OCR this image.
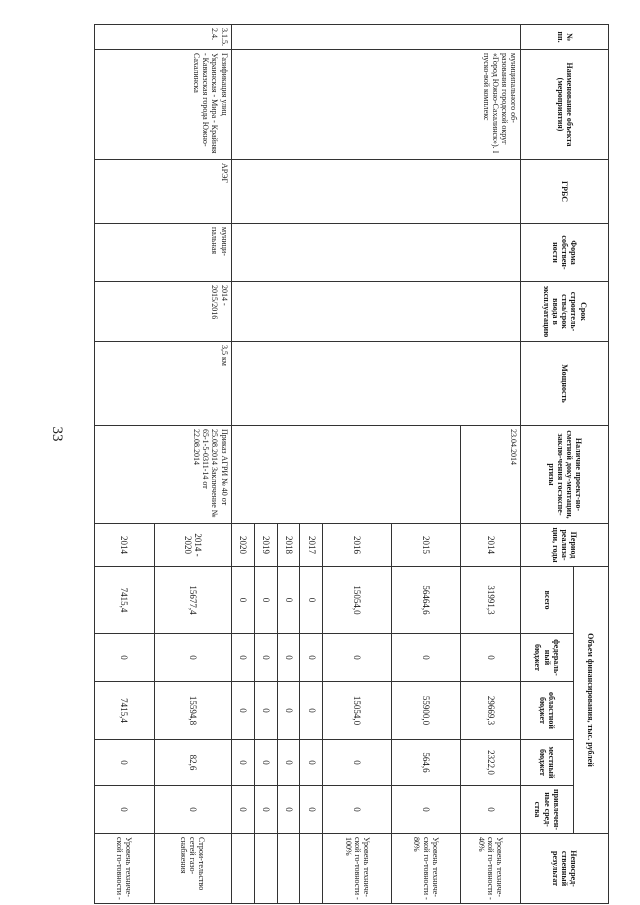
33
№ пп.	Наименование объекта (мероприятия)	ГРБС	Форма собствен-ности	Срок строитель-ства/срок ввода в эксплуатацию	Мощность	Наличие проект-но-сметной доку-ментации, заклю-чения госэкспе-ртизы	Период реализа-ции, годы	Объем финансирования, тыс. рублей					Непосред-ственный результат
								всего	федераль-ный бюджет	областной бюджет	местный бюджет	привлечен-ные сред-ства	
	муниципального об-разования городской округ «Город Южно-Сахалинск»). I пуско-вой комплекс					23.04.2014	2014	31991,3	0	29669,3	2322,0	0	Уровень техниче-ской го-товности - 40%
							2015	56464,6	0	55900,0	564,6	0	Уровень техниче-ской го-товности - 80%
							2016	15054,0	0	15054,0	0	0	Уровень техниче-ской го-товности - 100%
							2017	0	0	0	0	0	
							2018	0	0	0	0	0	
							2019	0	0	0	0	0	
							2020	0	0	0	0	0	
3.1.5.2.4.	Газификация улиц Украинская - Мира - Крайняя - Кавказская города Южно-Сахалинска	АРЭГ	муници-пальная	2014 - 2015/2016	3,5 км	Приказ АГРИ № 40 от 25.08.2014 Заключение № 65-1-5-0311-14 от 22.08.2014	2014 - 2020	15677,4	0	15594,8	82,6	0	Строи-тельство сетей газо-снабжения
							2014	7415,4	0	7415,4	0	0	Уровень техниче-ской го-товности -
